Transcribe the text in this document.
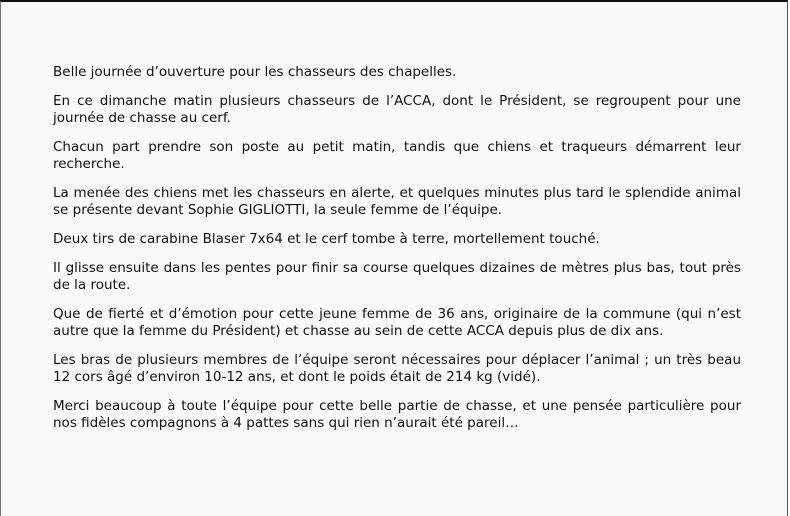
Belle journée d’ouverture pour les chasseurs des chapelles.

En ce dimanche matin plusieurs chasseurs de l’ACCA, dont le Président, se regroupent pour une journée de chasse au cerf.

Chacun part prendre son poste au petit matin, tandis que chiens et traqueurs démarrent leur recherche.

La menée des chiens met les chasseurs en alerte, et quelques minutes plus tard le splendide animal se présente devant Sophie GIGLIOTTI, la seule femme de l’équipe.

Deux tirs de carabine Blaser 7x64 et le cerf tombe à terre, mortellement touché.

Il glisse ensuite dans les pentes pour finir sa course quelques dizaines de mètres plus bas, tout près de la route.

Que de fierté et d’émotion pour cette jeune femme de 36 ans, originaire de la commune (qui n’est autre que la femme du Président) et chasse au sein de cette ACCA depuis plus de dix ans.

Les bras de plusieurs membres de l’équipe seront nécessaires pour déplacer l’animal ; un très beau 12 cors âgé d’environ 10-12 ans, et dont le poids était de 214 kg (vidé).

Merci beaucoup à toute l’équipe pour cette belle partie de chasse, et une pensée particulière pour nos fidèles compagnons à 4 pattes sans qui rien n’aurait été pareil…
